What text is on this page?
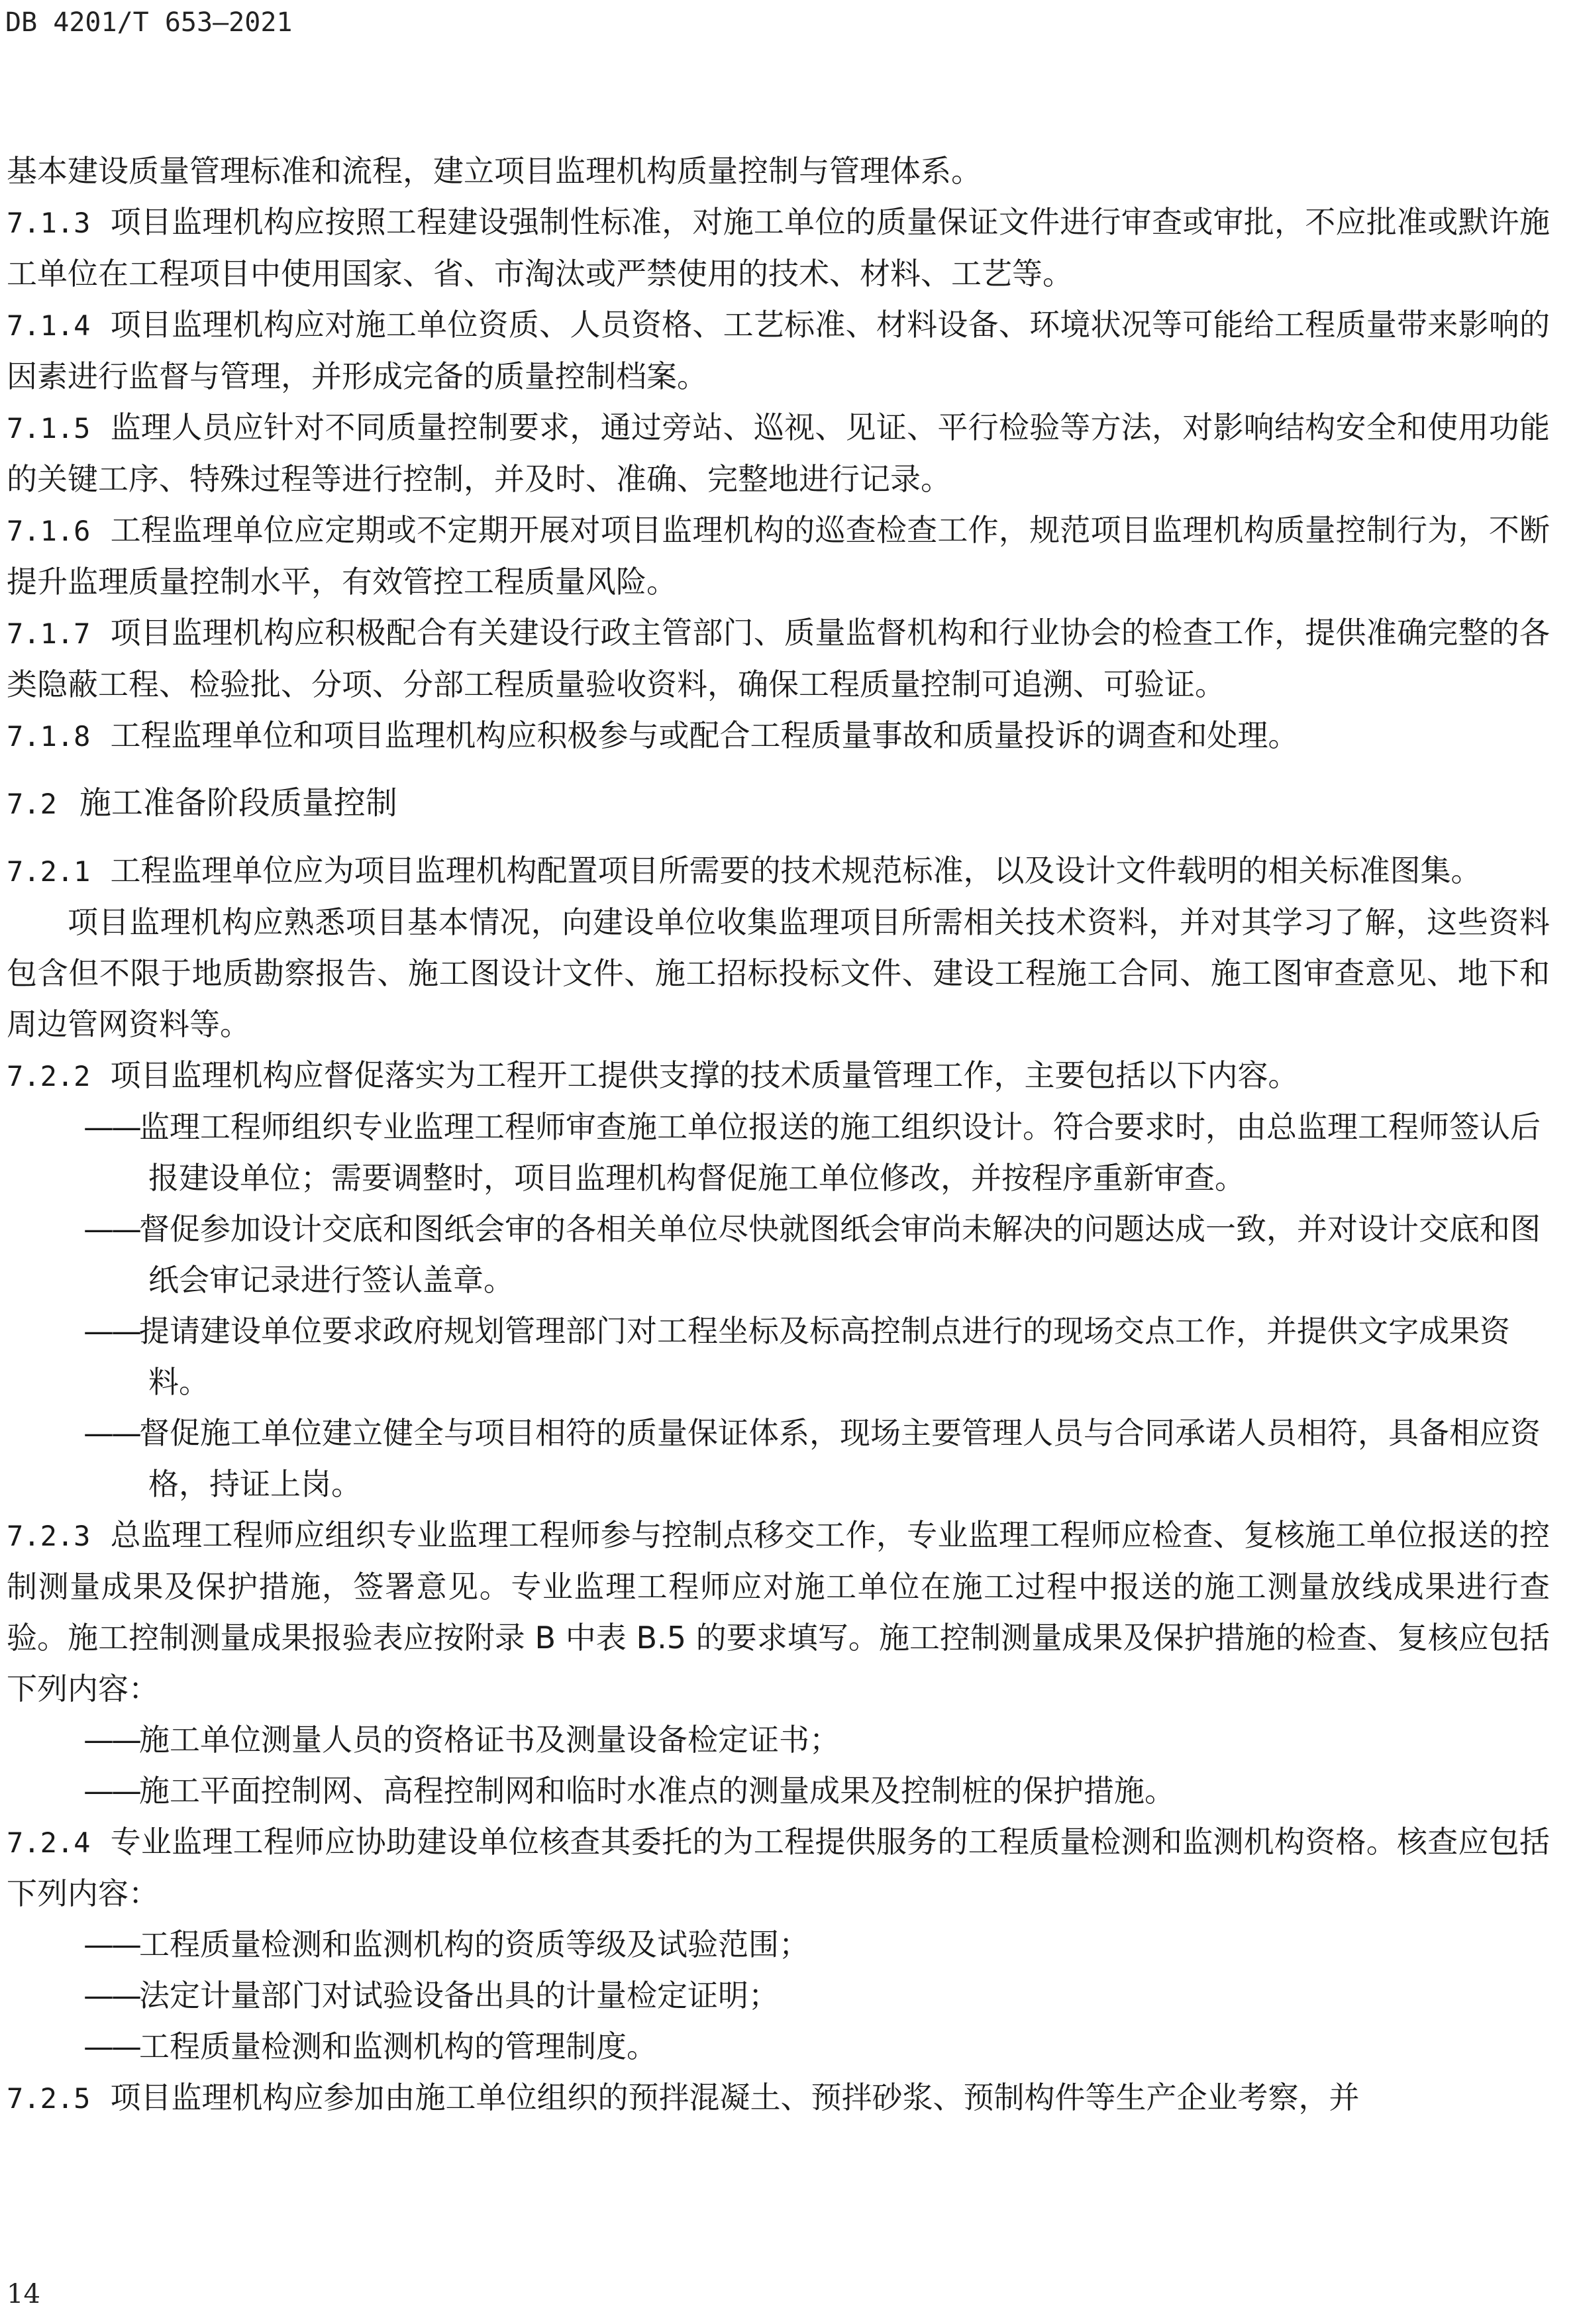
DB 4201/T 653—2021

基本建设质量管理标准和流程，建立项目监理机构质量控制与管理体系。

7.1.3 项目监理机构应按照工程建设强制性标准，对施工单位的质量保证文件进行审查或审批，不应批准或默许施工单位在工程项目中使用国家、省、市淘汰或严禁使用的技术、材料、工艺等。

7.1.4 项目监理机构应对施工单位资质、人员资格、工艺标准、材料设备、环境状况等可能给工程质量带来影响的因素进行监督与管理，并形成完备的质量控制档案。

7.1.5 监理人员应针对不同质量控制要求，通过旁站、巡视、见证、平行检验等方法，对影响结构安全和使用功能的关键工序、特殊过程等进行控制，并及时、准确、完整地进行记录。

7.1.6 工程监理单位应定期或不定期开展对项目监理机构的巡查检查工作，规范项目监理机构质量控制行为，不断提升监理质量控制水平，有效管控工程质量风险。

7.1.7 项目监理机构应积极配合有关建设行政主管部门、质量监督机构和行业协会的检查工作，提供准确完整的各类隐蔽工程、检验批、分项、分部工程质量验收资料，确保工程质量控制可追溯、可验证。

7.1.8 工程监理单位和项目监理机构应积极参与或配合工程质量事故和质量投诉的调查和处理。

7.2 施工准备阶段质量控制

7.2.1 工程监理单位应为项目监理机构配置项目所需要的技术规范标准，以及设计文件载明的相关标准图集。

项目监理机构应熟悉项目基本情况，向建设单位收集监理项目所需相关技术资料，并对其学习了解，这些资料包含但不限于地质勘察报告、施工图设计文件、施工招标投标文件、建设工程施工合同、施工图审查意见、地下和周边管网资料等。

7.2.2 项目监理机构应督促落实为工程开工提供支撑的技术质量管理工作，主要包括以下内容。

——监理工程师组织专业监理工程师审查施工单位报送的施工组织设计。符合要求时，由总监理工程师签认后报建设单位；需要调整时，项目监理机构督促施工单位修改，并按程序重新审查。

——督促参加设计交底和图纸会审的各相关单位尽快就图纸会审尚未解决的问题达成一致，并对设计交底和图纸会审记录进行签认盖章。

——提请建设单位要求政府规划管理部门对工程坐标及标高控制点进行的现场交点工作，并提供文字成果资料。

——督促施工单位建立健全与项目相符的质量保证体系，现场主要管理人员与合同承诺人员相符，具备相应资格，持证上岗。

7.2.3 总监理工程师应组织专业监理工程师参与控制点移交工作，专业监理工程师应检查、复核施工单位报送的控制测量成果及保护措施，签署意见。专业监理工程师应对施工单位在施工过程中报送的施工测量放线成果进行查验。施工控制测量成果报验表应按附录 B 中表 B.5 的要求填写。施工控制测量成果及保护措施的检查、复核应包括下列内容：

——施工单位测量人员的资格证书及测量设备检定证书；

——施工平面控制网、高程控制网和临时水准点的测量成果及控制桩的保护措施。

7.2.4 专业监理工程师应协助建设单位核查其委托的为工程提供服务的工程质量检测和监测机构资格。核查应包括下列内容：

——工程质量检测和监测机构的资质等级及试验范围；

——法定计量部门对试验设备出具的计量检定证明；

——工程质量检测和监测机构的管理制度。

7.2.5 项目监理机构应参加由施工单位组织的预拌混凝土、预拌砂浆、预制构件等生产企业考察，并

14
